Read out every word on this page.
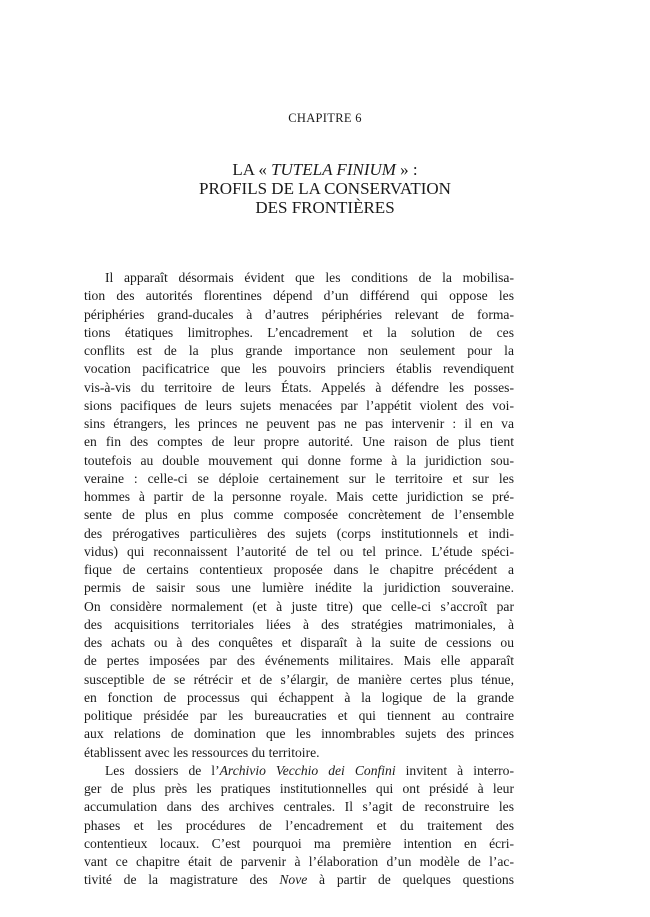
CHAPITRE 6
LA « TUTELA FINIUM » :
PROFILS DE LA CONSERVATION
DES FRONTIÈRES
Il apparaît désormais évident que les conditions de la mobilisa-
tion des autorités florentines dépend d’un différend qui oppose les
périphéries grand-ducales à d’autres périphéries relevant de forma-
tions étatiques limitrophes. L’encadrement et la solution de ces
conflits est de la plus grande importance non seulement pour la
vocation pacificatrice que les pouvoirs princiers établis revendiquent
vis-à-vis du territoire de leurs États. Appelés à défendre les posses-
sions pacifiques de leurs sujets menacées par l’appétit violent des voi-
sins étrangers, les princes ne peuvent pas ne pas intervenir : il en va
en fin des comptes de leur propre autorité. Une raison de plus tient
toutefois au double mouvement qui donne forme à la juridiction sou-
veraine : celle-ci se déploie certainement sur le territoire et sur les
hommes à partir de la personne royale. Mais cette juridiction se pré-
sente de plus en plus comme composée concrètement de l’ensemble
des prérogatives particulières des sujets (corps institutionnels et indi-
vidus) qui reconnaissent l’autorité de tel ou tel prince. L’étude spéci-
fique de certains contentieux proposée dans le chapitre précédent a
permis de saisir sous une lumière inédite la juridiction souveraine.
On considère normalement (et à juste titre) que celle-ci s’accroît par
des acquisitions territoriales liées à des stratégies matrimoniales, à
des achats ou à des conquêtes et disparaît à la suite de cessions ou
de pertes imposées par des événements militaires. Mais elle apparaît
susceptible de se rétrécir et de s’élargir, de manière certes plus ténue,
en fonction de processus qui échappent à la logique de la grande
politique présidée par les bureaucraties et qui tiennent au contraire
aux relations de domination que les innombrables sujets des princes
établissent avec les ressources du territoire.
Les dossiers de l’Archivio Vecchio dei Confini invitent à interro-
ger de plus près les pratiques institutionnelles qui ont présidé à leur
accumulation dans des archives centrales. Il s’agit de reconstruire les
phases et les procédures de l’encadrement et du traitement des
contentieux locaux. C’est pourquoi ma première intention en écri-
vant ce chapitre était de parvenir à l’élaboration d’un modèle de l’ac-
tivité de la magistrature des Nove à partir de quelques questions
